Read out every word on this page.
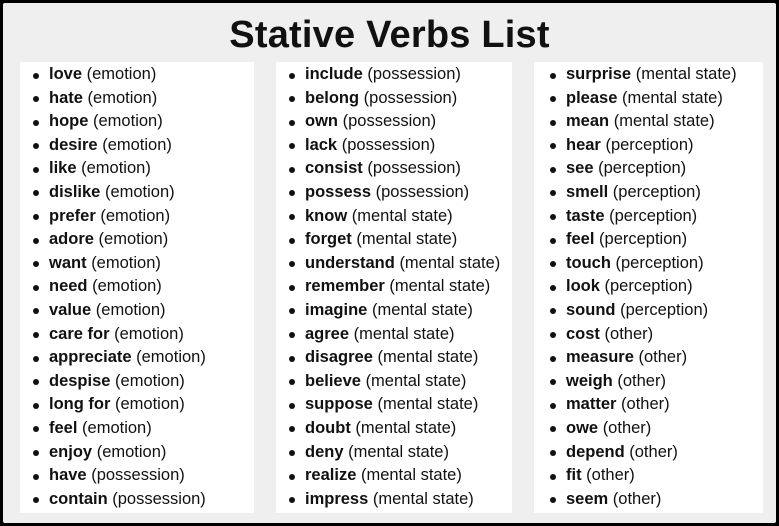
Stative Verbs List
love (emotion)
hate (emotion)
hope (emotion)
desire (emotion)
like (emotion)
dislike (emotion)
prefer (emotion)
adore (emotion)
want (emotion)
need (emotion)
value (emotion)
care for (emotion)
appreciate (emotion)
despise (emotion)
long for (emotion)
feel (emotion)
enjoy (emotion)
have (possession)
contain (possession)
include (possession)
belong (possession)
own (possession)
lack (possession)
consist (possession)
possess (possession)
know (mental state)
forget (mental state)
understand (mental state)
remember (mental state)
imagine (mental state)
agree (mental state)
disagree (mental state)
believe (mental state)
suppose (mental state)
doubt (mental state)
deny (mental state)
realize (mental state)
impress (mental state)
surprise (mental state)
please (mental state)
mean (mental state)
hear (perception)
see (perception)
smell (perception)
taste (perception)
feel (perception)
touch (perception)
look (perception)
sound (perception)
cost (other)
measure (other)
weigh (other)
matter (other)
owe (other)
depend (other)
fit (other)
seem (other)
